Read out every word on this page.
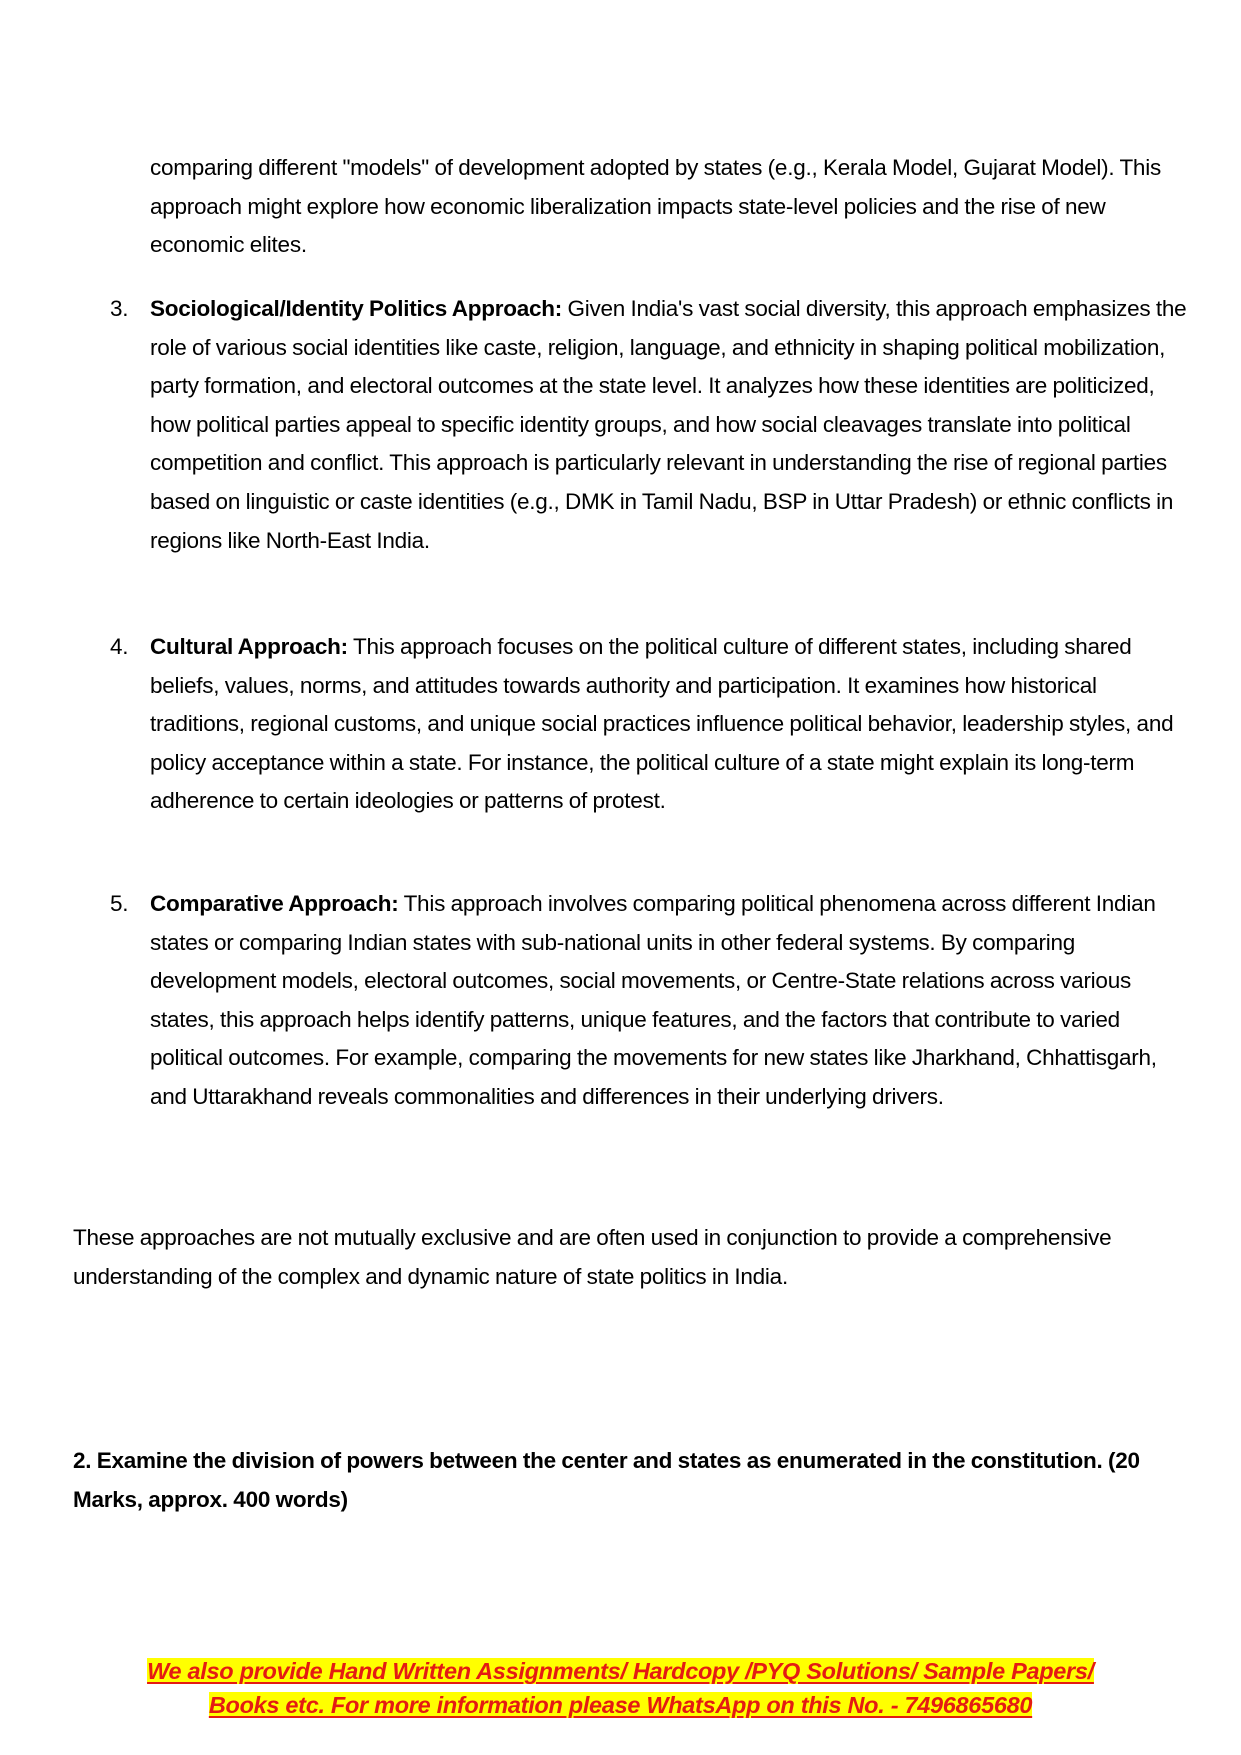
comparing different "models" of development adopted by states (e.g., Kerala Model, Gujarat Model). This approach might explore how economic liberalization impacts state-level policies and the rise of new economic elites.

3. Sociological/Identity Politics Approach: Given India's vast social diversity, this approach emphasizes the role of various social identities like caste, religion, language, and ethnicity in shaping political mobilization, party formation, and electoral outcomes at the state level. It analyzes how these identities are politicized, how political parties appeal to specific identity groups, and how social cleavages translate into political competition and conflict. This approach is particularly relevant in understanding the rise of regional parties based on linguistic or caste identities (e.g., DMK in Tamil Nadu, BSP in Uttar Pradesh) or ethnic conflicts in regions like North-East India.
4. Cultural Approach: This approach focuses on the political culture of different states, including shared beliefs, values, norms, and attitudes towards authority and participation. It examines how historical traditions, regional customs, and unique social practices influence political behavior, leadership styles, and policy acceptance within a state. For instance, the political culture of a state might explain its long-term adherence to certain ideologies or patterns of protest.
5. Comparative Approach: This approach involves comparing political phenomena across different Indian states or comparing Indian states with sub-national units in other federal systems. By comparing development models, electoral outcomes, social movements, or Centre-State relations across various states, this approach helps identify patterns, unique features, and the factors that contribute to varied political outcomes. For example, comparing the movements for new states like Jharkhand, Chhattisgarh, and Uttarakhand reveals commonalities and differences in their underlying drivers.

These approaches are not mutually exclusive and are often used in conjunction to provide a comprehensive understanding of the complex and dynamic nature of state politics in India.

2. Examine the division of powers between the center and states as enumerated in the constitution. (20 Marks, approx. 400 words)

We also provide Hand Written Assignments/ Hardcopy /PYQ Solutions/ Sample Papers/
Books etc. For more information please WhatsApp on this No. - 7496865680
